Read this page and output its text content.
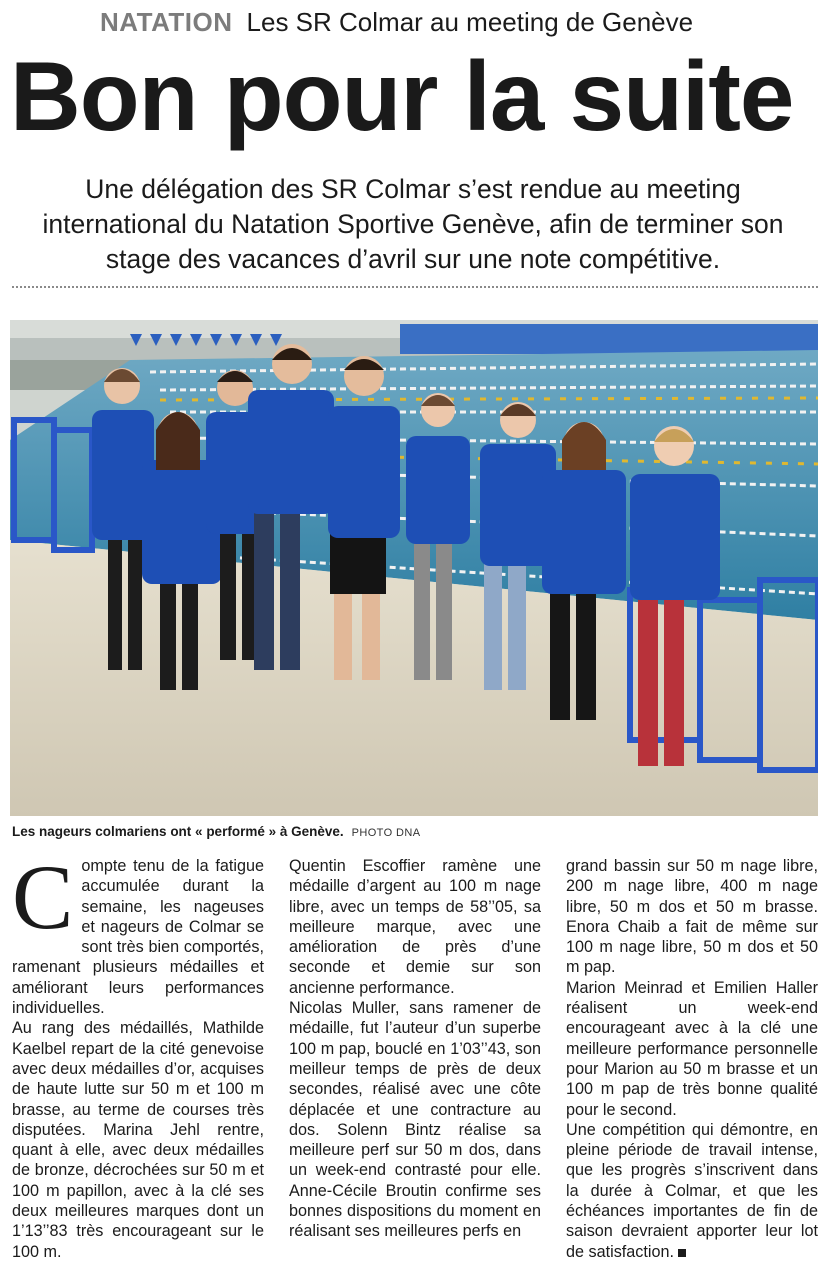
NATATION Les SR Colmar au meeting de Genève
Bon pour la suite
Une délégation des SR Colmar s’est rendue au meeting international du Natation Sportive Genève, afin de terminer son stage des vacances d’avril sur une note compétitive.
Les nageurs colmariens ont « performé » à Genève. PHOTO DNA

Compte tenu de la fatigue accumulée durant la semaine, les nageuses et nageurs de Colmar se sont très bien comportés, ramenant plusieurs médailles et améliorant leurs performances individuelles.

Au rang des médaillés, Mathilde Kaelbel repart de la cité genevoise avec deux médailles d’or, acquises de haute lutte sur 50 m et 100 m brasse, au terme de courses très disputées. Marina Jehl rentre, quant à elle, avec deux médailles de bronze, décrochées sur 50 m et 100 m papillon, avec à la clé ses deux meilleures marques dont un 1’13’’83 très encourageant sur le 100 m.

Quentin Escoffier ramène une médaille d’argent au 100 m nage libre, avec un temps de 58’’05, sa meilleure marque, avec une amélioration de près d’une seconde et demie sur son ancienne performance.

Nicolas Muller, sans ramener de médaille, fut l’auteur d’un superbe 100 m pap, bouclé en 1’03’’43, son meilleur temps de près de deux secondes, réalisé avec une côte déplacée et une contracture au dos. Solenn Bintz réalise sa meilleure perf sur 50 m dos, dans un week-end contrasté pour elle. Anne-Cécile Broutin confirme ses bonnes dispositions du moment en réalisant ses meilleures perfs en

grand bassin sur 50 m nage libre, 200 m nage libre, 400 m nage libre, 50 m dos et 50 m brasse. Enora Chaib a fait de même sur 100 m nage libre, 50 m dos et 50 m pap.

Marion Meinrad et Emilien Haller réalisent un week-end encourageant avec à la clé une meilleure performance personnelle pour Marion au 50 m brasse et un 100 m pap de très bonne qualité pour le second.

Une compétition qui démontre, en pleine période de travail intense, que les progrès s’inscrivent dans la durée à Colmar, et que les échéances importantes de fin de saison devraient apporter leur lot de satisfaction.
